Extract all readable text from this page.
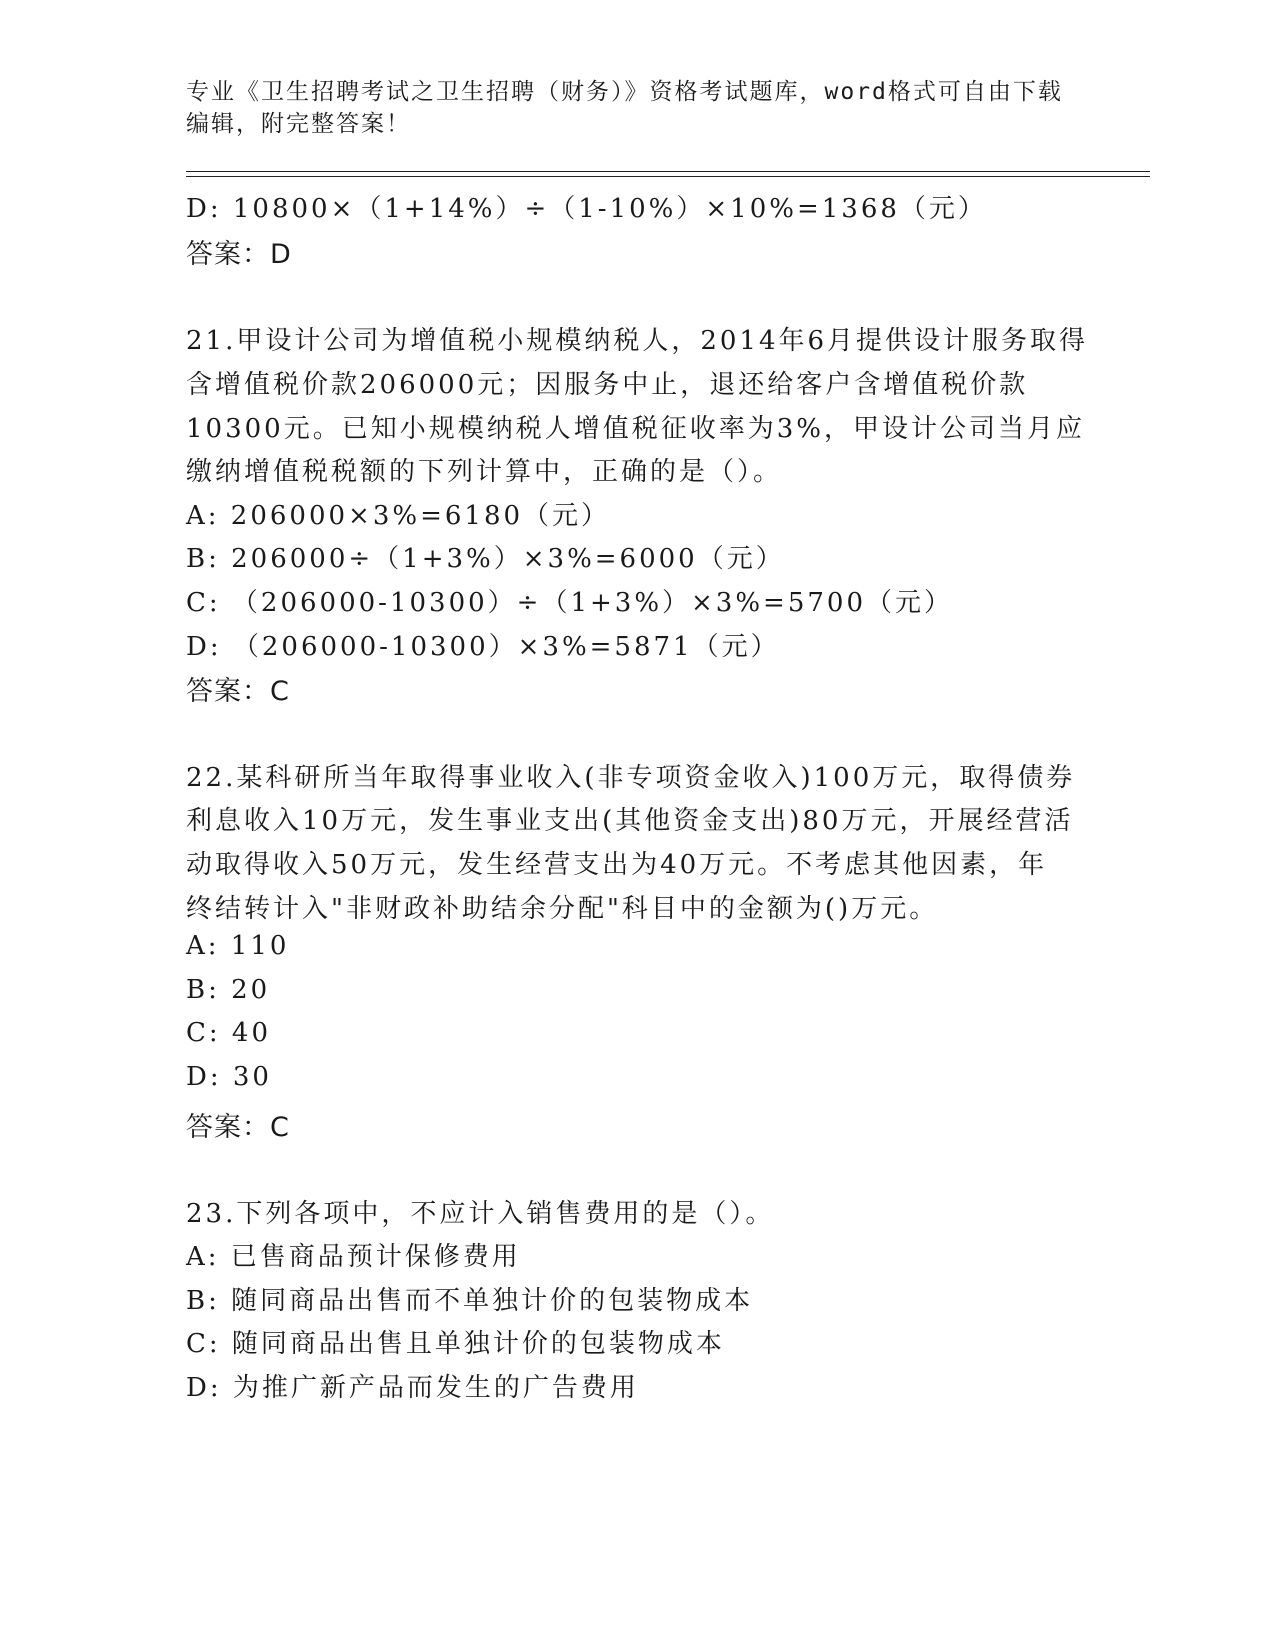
专业《卫生招聘考试之卫生招聘（财务）》资格考试题库，word格式可自由下载
编辑，附完整答案！
D: 10800×（1+14%）÷（1-10%）×10%=1368（元）
答案：D
21.甲设计公司为增值税小规模纳税人，2014年6月提供设计服务取得
含增值税价款206000元；因服务中止，退还给客户含增值税价款
10300元。已知小规模纳税人增值税征收率为3%，甲设计公司当月应
缴纳增值税税额的下列计算中，正确的是（）。
A: 206000×3%=6180（元）
B: 206000÷（1+3%）×3%=6000（元）
C: （206000-10300）÷（1+3%）×3%=5700（元）
D: （206000-10300）×3%=5871（元）
答案：C
22.某科研所当年取得事业收入(非专项资金收入)100万元，取得债券
利息收入10万元，发生事业支出(其他资金支出)80万元，开展经营活
动取得收入50万元，发生经营支出为40万元。不考虑其他因素，年
终结转计入"非财政补助结余分配"科目中的金额为()万元。
A: 110
B: 20
C: 40
D: 30
答案：C
23.下列各项中，不应计入销售费用的是（）。
A: 已售商品预计保修费用
B: 随同商品出售而不单独计价的包装物成本
C: 随同商品出售且单独计价的包装物成本
D: 为推广新产品而发生的广告费用
